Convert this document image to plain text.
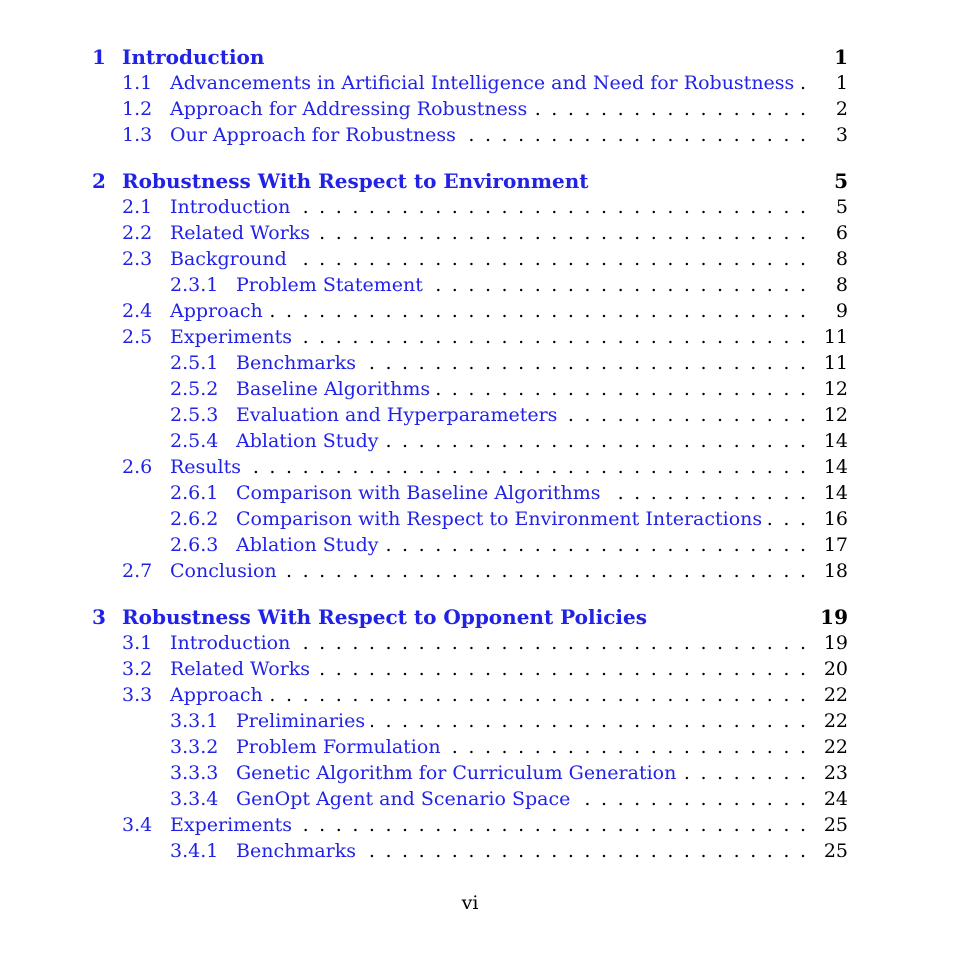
1 Introduction	1
1.1 Advancements in Artificial Intelligence and Need for Robustness . . . 1
1.2 Approach for Addressing Robustness . . .	2
1.3 Our Approach for Robustness . . .	3
2 Robustness With Respect to Environment	5
2.1 Introduction . . .	5
2.2 Related Works . . .	6
2.3 Background . . .	8
2.3.1 Problem Statement . . .	8
2.4 Approach . . .	9
2.5 Experiments . . .	11
2.5.1 Benchmarks . . .	11
2.5.2 Baseline Algorithms . . .	12
2.5.3 Evaluation and Hyperparameters . . .	12
2.5.4 Ablation Study . . .	14
2.6 Results . . .	14
2.6.1 Comparison with Baseline Algorithms . . .	14
2.6.2 Comparison with Respect to Environment Interactions . . .	16
2.6.3 Ablation Study . . .	17
2.7 Conclusion . . .	18
3 Robustness With Respect to Opponent Policies	19
3.1 Introduction . . .	19
3.2 Related Works . . .	20
3.3 Approach . . .	22
3.3.1 Preliminaries . . .	22
3.3.2 Problem Formulation . . .	22
3.3.3 Genetic Algorithm for Curriculum Generation . . .	23
3.3.4 GenOpt Agent and Scenario Space . . .	24
3.4 Experiments . . .	25
3.4.1 Benchmarks . . .	25
vi
